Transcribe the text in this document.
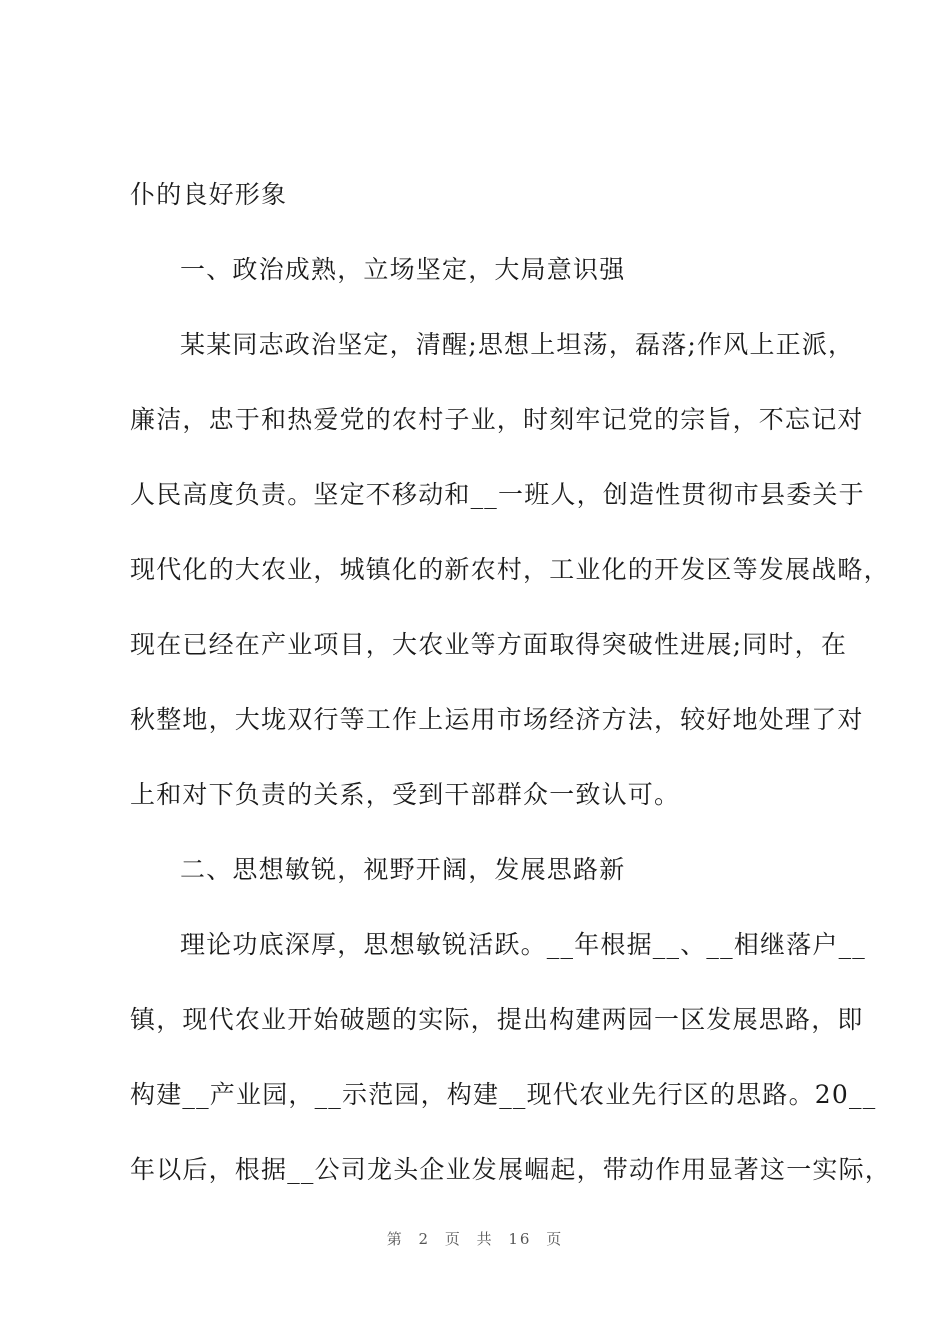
仆的良好形象
一、政治成熟，立场坚定，大局意识强
某某同志政治坚定，清醒;思想上坦荡，磊落;作风上正派，
廉洁，忠于和热爱党的农村子业，时刻牢记党的宗旨，不忘记对
人民高度负责。坚定不移动和__一班人，创造性贯彻市县委关于
现代化的大农业，城镇化的新农村，工业化的开发区等发展战略，
现在已经在产业项目，大农业等方面取得突破性进展;同时，在
秋整地，大垅双行等工作上运用市场经济方法，较好地处理了对
上和对下负责的关系，受到干部群众一致认可。
二、思想敏锐，视野开阔，发展思路新
理论功底深厚，思想敏锐活跃。__年根据__、__相继落户__
镇，现代农业开始破题的实际，提出构建两园一区发展思路，即
构建__产业园，__示范园，构建__现代农业先行区的思路。20__
年以后，根据__公司龙头企业发展崛起，带动作用显著这一实际，
第 2 页 共 16 页
